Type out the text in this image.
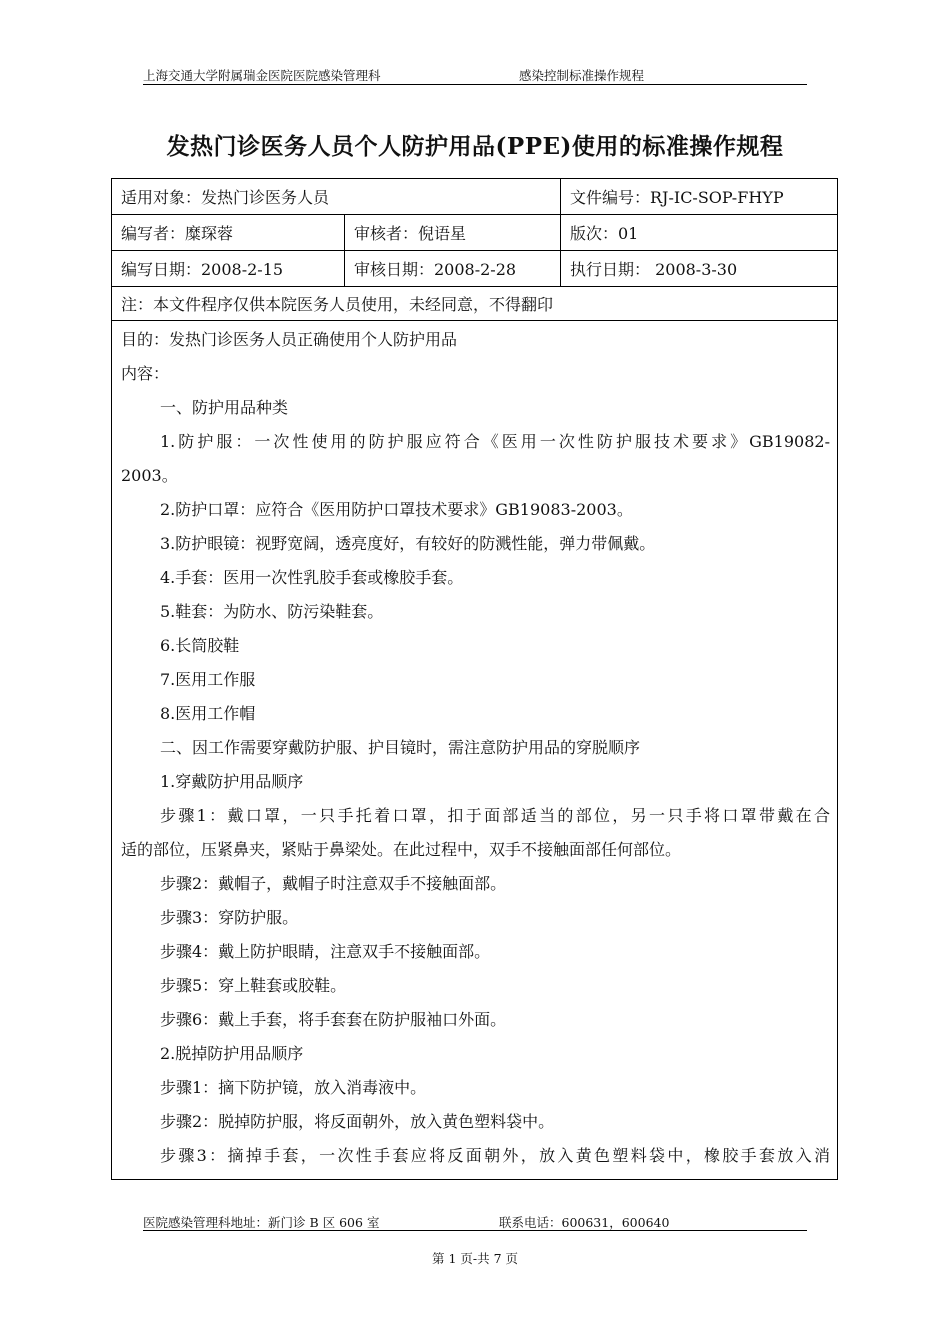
上海交通大学附属瑞金医院医院感染管理科	感染控制标准操作规程
发热门诊医务人员个人防护用品(PPE)使用的标准操作规程
适用对象：发热门诊医务人员	文件编号：RJ-IC-SOP-FHYP
编写者：糜琛蓉	审核者：倪语星	版次：01
编写日期：2008-2-15	审核日期：2008-2-28	执行日期： 2008-3-30
注：本文件程序仅供本院医务人员使用，未经同意，不得翻印
目的：发热门诊医务人员正确使用个人防护用品
内容：
一、防护用品种类
1.防护服：一次性使用的防护服应符合《医用一次性防护服技术要求》GB19082-
2003。
2.防护口罩：应符合《医用防护口罩技术要求》GB19083-2003。
3.防护眼镜：视野宽阔，透亮度好，有较好的防溅性能，弹力带佩戴。
4.手套：医用一次性乳胶手套或橡胶手套。
5.鞋套：为防水、防污染鞋套。
6.长筒胶鞋
7.医用工作服
8.医用工作帽
二、因工作需要穿戴防护服、护目镜时，需注意防护用品的穿脱顺序
1.穿戴防护用品顺序
步骤1：戴口罩，一只手托着口罩，扣于面部适当的部位，另一只手将口罩带戴在合
适的部位，压紧鼻夹，紧贴于鼻梁处。在此过程中，双手不接触面部任何部位。
步骤2：戴帽子，戴帽子时注意双手不接触面部。
步骤3：穿防护服。
步骤4：戴上防护眼睛，注意双手不接触面部。
步骤5：穿上鞋套或胶鞋。
步骤6：戴上手套，将手套套在防护服袖口外面。
2.脱掉防护用品顺序
步骤1：摘下防护镜，放入消毒液中。
步骤2：脱掉防护服，将反面朝外，放入黄色塑料袋中。
步骤3：摘掉手套，一次性手套应将反面朝外，放入黄色塑料袋中，橡胶手套放入消
医院感染管理科地址：新门诊 B 区 606 室	联系电话：600631，600640
第 1 页-共 7 页
